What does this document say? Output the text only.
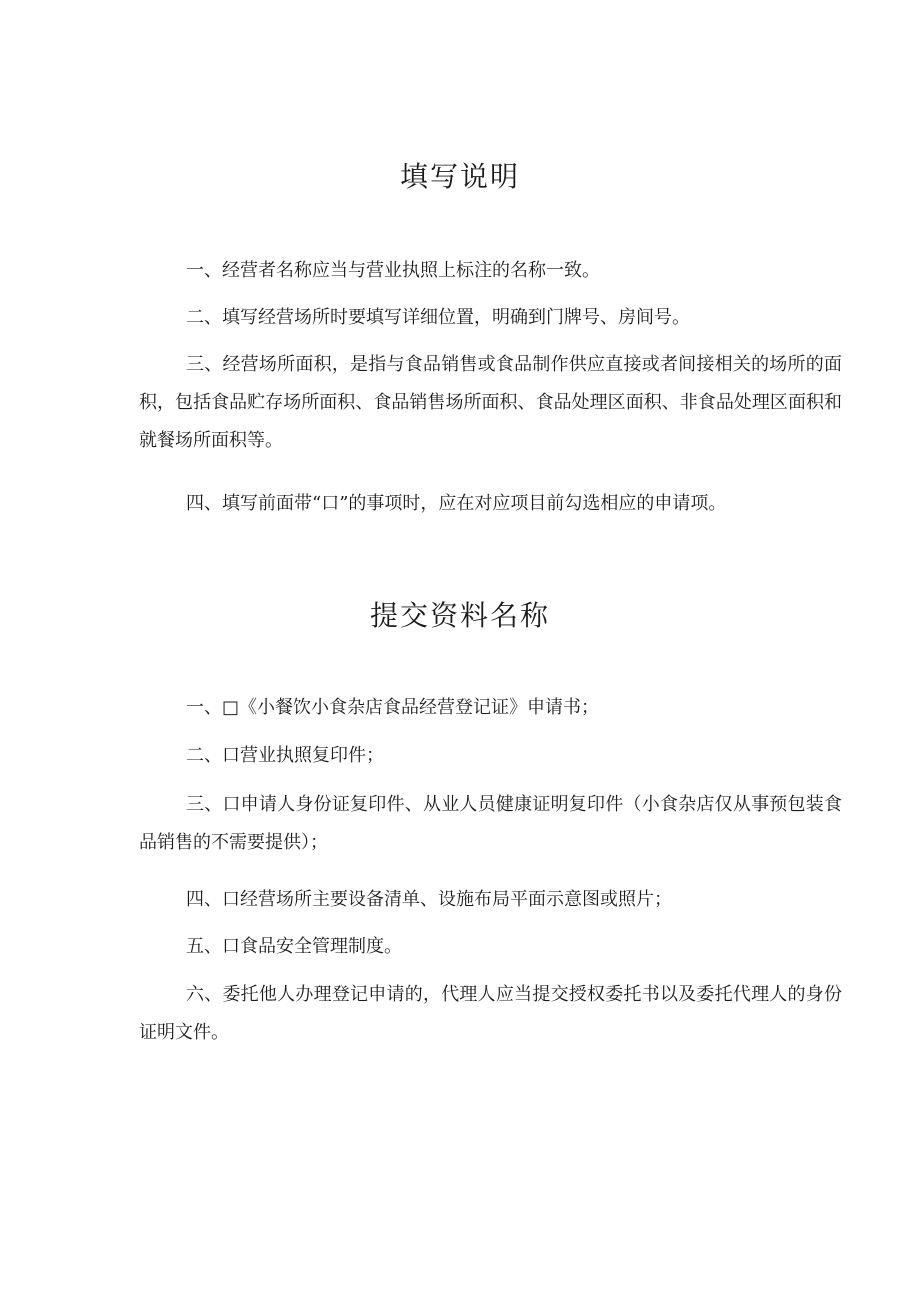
填写说明

一、经营者名称应当与营业执照上标注的名称一致。

二、填写经营场所时要填写详细位置，明确到门牌号、房间号。

三、经营场所面积，是指与食品销售或食品制作供应直接或者间接相关的场所的面积，包括食品贮存场所面积、食品销售场所面积、食品处理区面积、非食品处理区面积和就餐场所面积等。

四、填写前面带“口”的事项时，应在对应项目前勾选相应的申请项。

提交资料名称

一、□《小餐饮小食杂店食品经营登记证》申请书；

二、口营业执照复印件；

三、口申请人身份证复印件、从业人员健康证明复印件（小食杂店仅从事预包装食品销售的不需要提供）；

四、口经营场所主要设备清单、设施布局平面示意图或照片；

五、口食品安全管理制度。

六、委托他人办理登记申请的，代理人应当提交授权委托书以及委托代理人的身份证明文件。
